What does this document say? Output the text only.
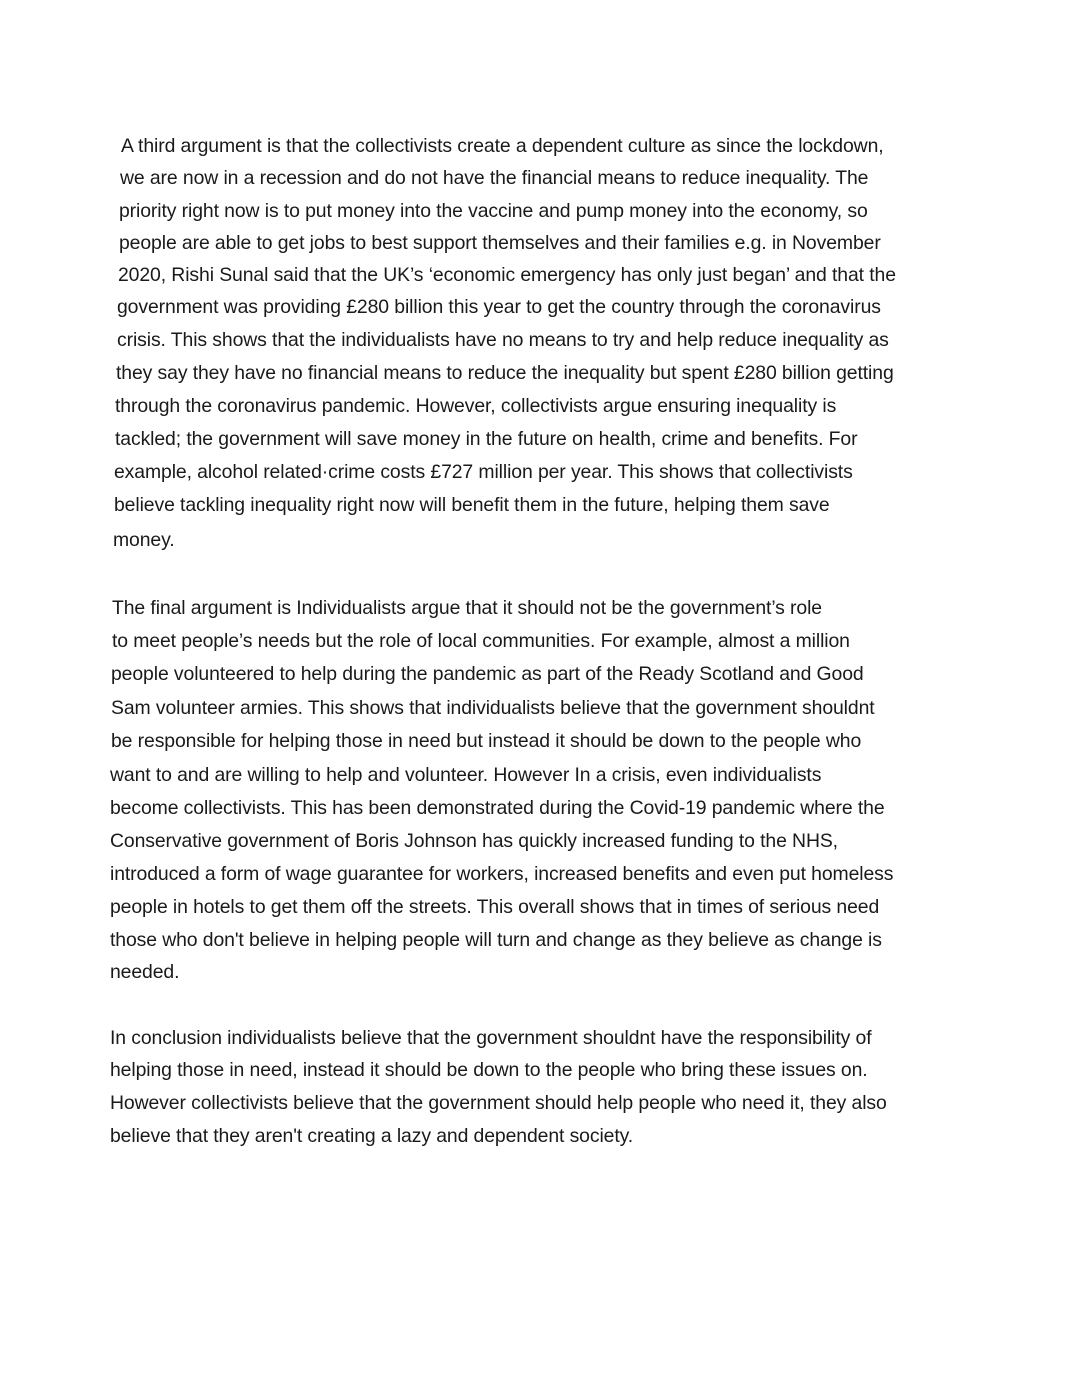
A third argument is that the collectivists create a dependent culture as since the lockdown,
we are now in a recession and do not have the financial means to reduce inequality. The
priority right now is to put money into the vaccine and pump money into the economy, so
people are able to get jobs to best support themselves and their families e.g. in November
2020, Rishi Sunal said that the UK’s ‘economic emergency has only just began’ and that the
government was providing £280 billion this year to get the country through the coronavirus
crisis. This shows that the individualists have no means to try and help reduce inequality as
they say they have no financial means to reduce the inequality but spent £280 billion getting
through the coronavirus pandemic. However, collectivists argue ensuring inequality is
tackled; the government will save money in the future on health, crime and benefits. For
example, alcohol related·crime costs £727 million per year. This shows that collectivists
believe tackling inequality right now will benefit them in the future, helping them save
money.
The final argument is Individualists argue that it should not be the government’s role
to meet people’s needs but the role of local communities. For example, almost a million
people volunteered to help during the pandemic as part of the Ready Scotland and Good
Sam volunteer armies. This shows that individualists believe that the government shouldnt
be responsible for helping those in need but instead it should be down to the people who
want to and are willing to help and volunteer. However In a crisis, even individualists
become collectivists. This has been demonstrated during the Covid-19 pandemic where the
Conservative government of Boris Johnson has quickly increased funding to the NHS,
introduced a form of wage guarantee for workers, increased benefits and even put homeless
people in hotels to get them off the streets. This overall shows that in times of serious need
those who don't believe in helping people will turn and change as they believe as change is
needed.
In conclusion individualists believe that the government shouldnt have the responsibility of
helping those in need, instead it should be down to the people who bring these issues on.
However collectivists believe that the government should help people who need it, they also
believe that they aren't creating a lazy and dependent society.
